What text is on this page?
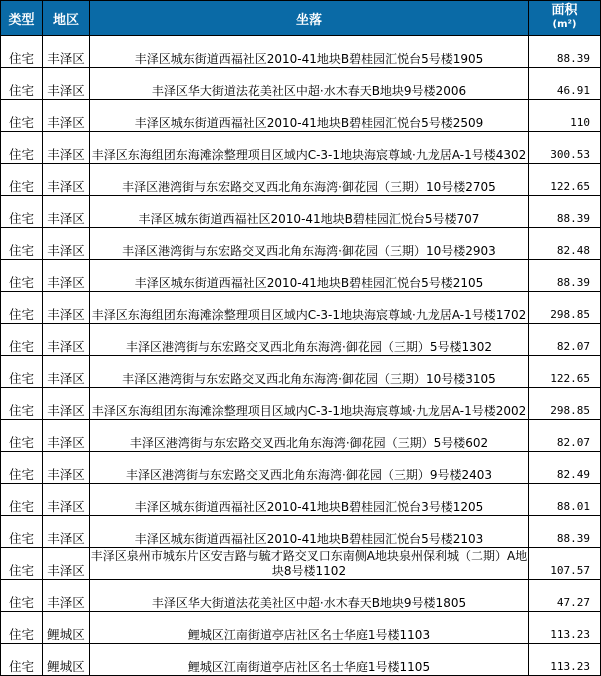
类型	地区	坐落	面积
(m²)

住宅	丰泽区	丰泽区城东街道西福社区2010-41地块B碧桂园汇悦台5号楼1905	88.39
住宅	丰泽区	丰泽区华大街道法花美社区中超·水木春天B地块9号楼2006	46.91
住宅	丰泽区	丰泽区城东街道西福社区2010-41地块B碧桂园汇悦台5号楼2509	110
住宅	丰泽区	丰泽区东海组团东海滩涂整理项目区域内C-3-1地块海宸尊域·九龙居A-1号楼4302	300.53
住宅	丰泽区	丰泽区港湾街与东宏路交叉西北角东海湾·御花园（三期）10号楼2705	122.65
住宅	丰泽区	丰泽区城东街道西福社区2010-41地块B碧桂园汇悦台5号楼707	88.39
住宅	丰泽区	丰泽区港湾街与东宏路交叉西北角东海湾·御花园（三期）10号楼2903	82.48
住宅	丰泽区	丰泽区城东街道西福社区2010-41地块B碧桂园汇悦台5号楼2105	88.39
住宅	丰泽区	丰泽区东海组团东海滩涂整理项目区域内C-3-1地块海宸尊域·九龙居A-1号楼1702	298.85
住宅	丰泽区	丰泽区港湾街与东宏路交叉西北角东海湾·御花园（三期）5号楼1302	82.07
住宅	丰泽区	丰泽区港湾街与东宏路交叉西北角东海湾·御花园（三期）10号楼3105	122.65
住宅	丰泽区	丰泽区东海组团东海滩涂整理项目区域内C-3-1地块海宸尊域·九龙居A-1号楼2002	298.85
住宅	丰泽区	丰泽区港湾街与东宏路交叉西北角东海湾·御花园（三期）5号楼602	82.07
住宅	丰泽区	丰泽区港湾街与东宏路交叉西北角东海湾·御花园（三期）9号楼2403	82.49
住宅	丰泽区	丰泽区城东街道西福社区2010-41地块B碧桂园汇悦台3号楼1205	88.01
住宅	丰泽区	丰泽区城东街道西福社区2010-41地块B碧桂园汇悦台5号楼2103	88.39
住宅	丰泽区	丰泽区泉州市城东片区安吉路与毓才路交叉口东南侧A地块泉州保利城（二期）A地块8号楼1102	107.57
住宅	丰泽区	丰泽区华大街道法花美社区中超·水木春天B地块9号楼1805	47.27
住宅	鲤城区	鲤城区江南街道亭店社区名士华庭1号楼1103	113.23
住宅	鲤城区	鲤城区江南街道亭店社区名士华庭1号楼1105	113.23
